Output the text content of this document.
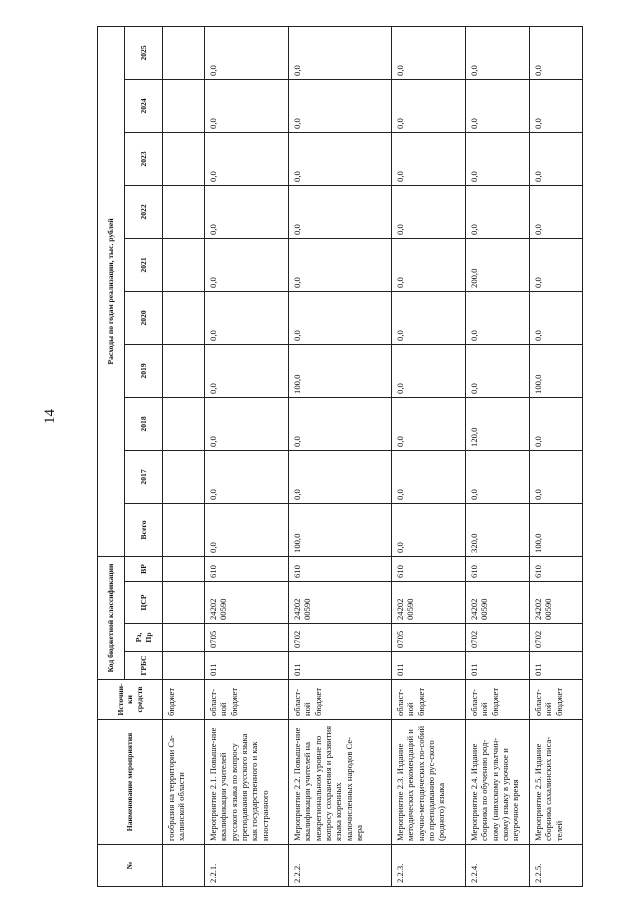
14
№	Наименование мероприятия	Источни-ки средств	Код бюджетной классификации				Расходы по годам реализации, тыс. рублей									
			ГРБС	Рз, Пр	ЦСР	ВР	Всего	2017	2018	2019	2020	2021	2022	2023	2024	2025
	гообразия на территории Са-халинской области	бюджет														
2.2.1.	Мероприятие 2.1. Повыше-ние квалификации учителей русского языка по вопросу преподавания русского языка как государственного и как иностранного	област-ной бюджет	011	0705	24202 00590	610	0,0	0,0	0,0	0,0	0,0	0,0	0,0	0,0	0,0	0,0
2.2.2.	Мероприятие 2.2. Повыше-ние квалификации учителей на межрегиональном уровне по вопросу сохранения и развития языка коренных малочисленных народов Се-вера	област-ной бюджет	011	0702	24202 00590	610	100,0	0,0	0,0	100,0	0,0	0,0	0,0	0,0	0,0	0,0
2.2.3.	Мероприятие 2.3. Издание методических рекомендаций и научно-методических по-собий по преподаванию рус-ского (родного) языка	област-ной бюджет	011	0705	24202 00590	610	0,0	0,0	0,0	0,0	0,0	0,0	0,0	0,0	0,0	0,0
2.2.4.	Мероприятие 2.4. Издание сборника по обучению род-ному (нивхскому и ультчин-скому) языку в урочное и неурочное время	област-ной бюджет	011	0702	24202 00590	610	320,0	0,0	120,0	0,0	0,0	200,0	0,0	0,0	0,0	0,0
2.2.5.	Мероприятие 2.5. Издание сборника сахалинских писа-телей	област-ной бюджет	011	0702	24202 00590	610	100,0	0,0	0,0	100,0	0,0	0,0	0,0	0,0	0,0	0,0
